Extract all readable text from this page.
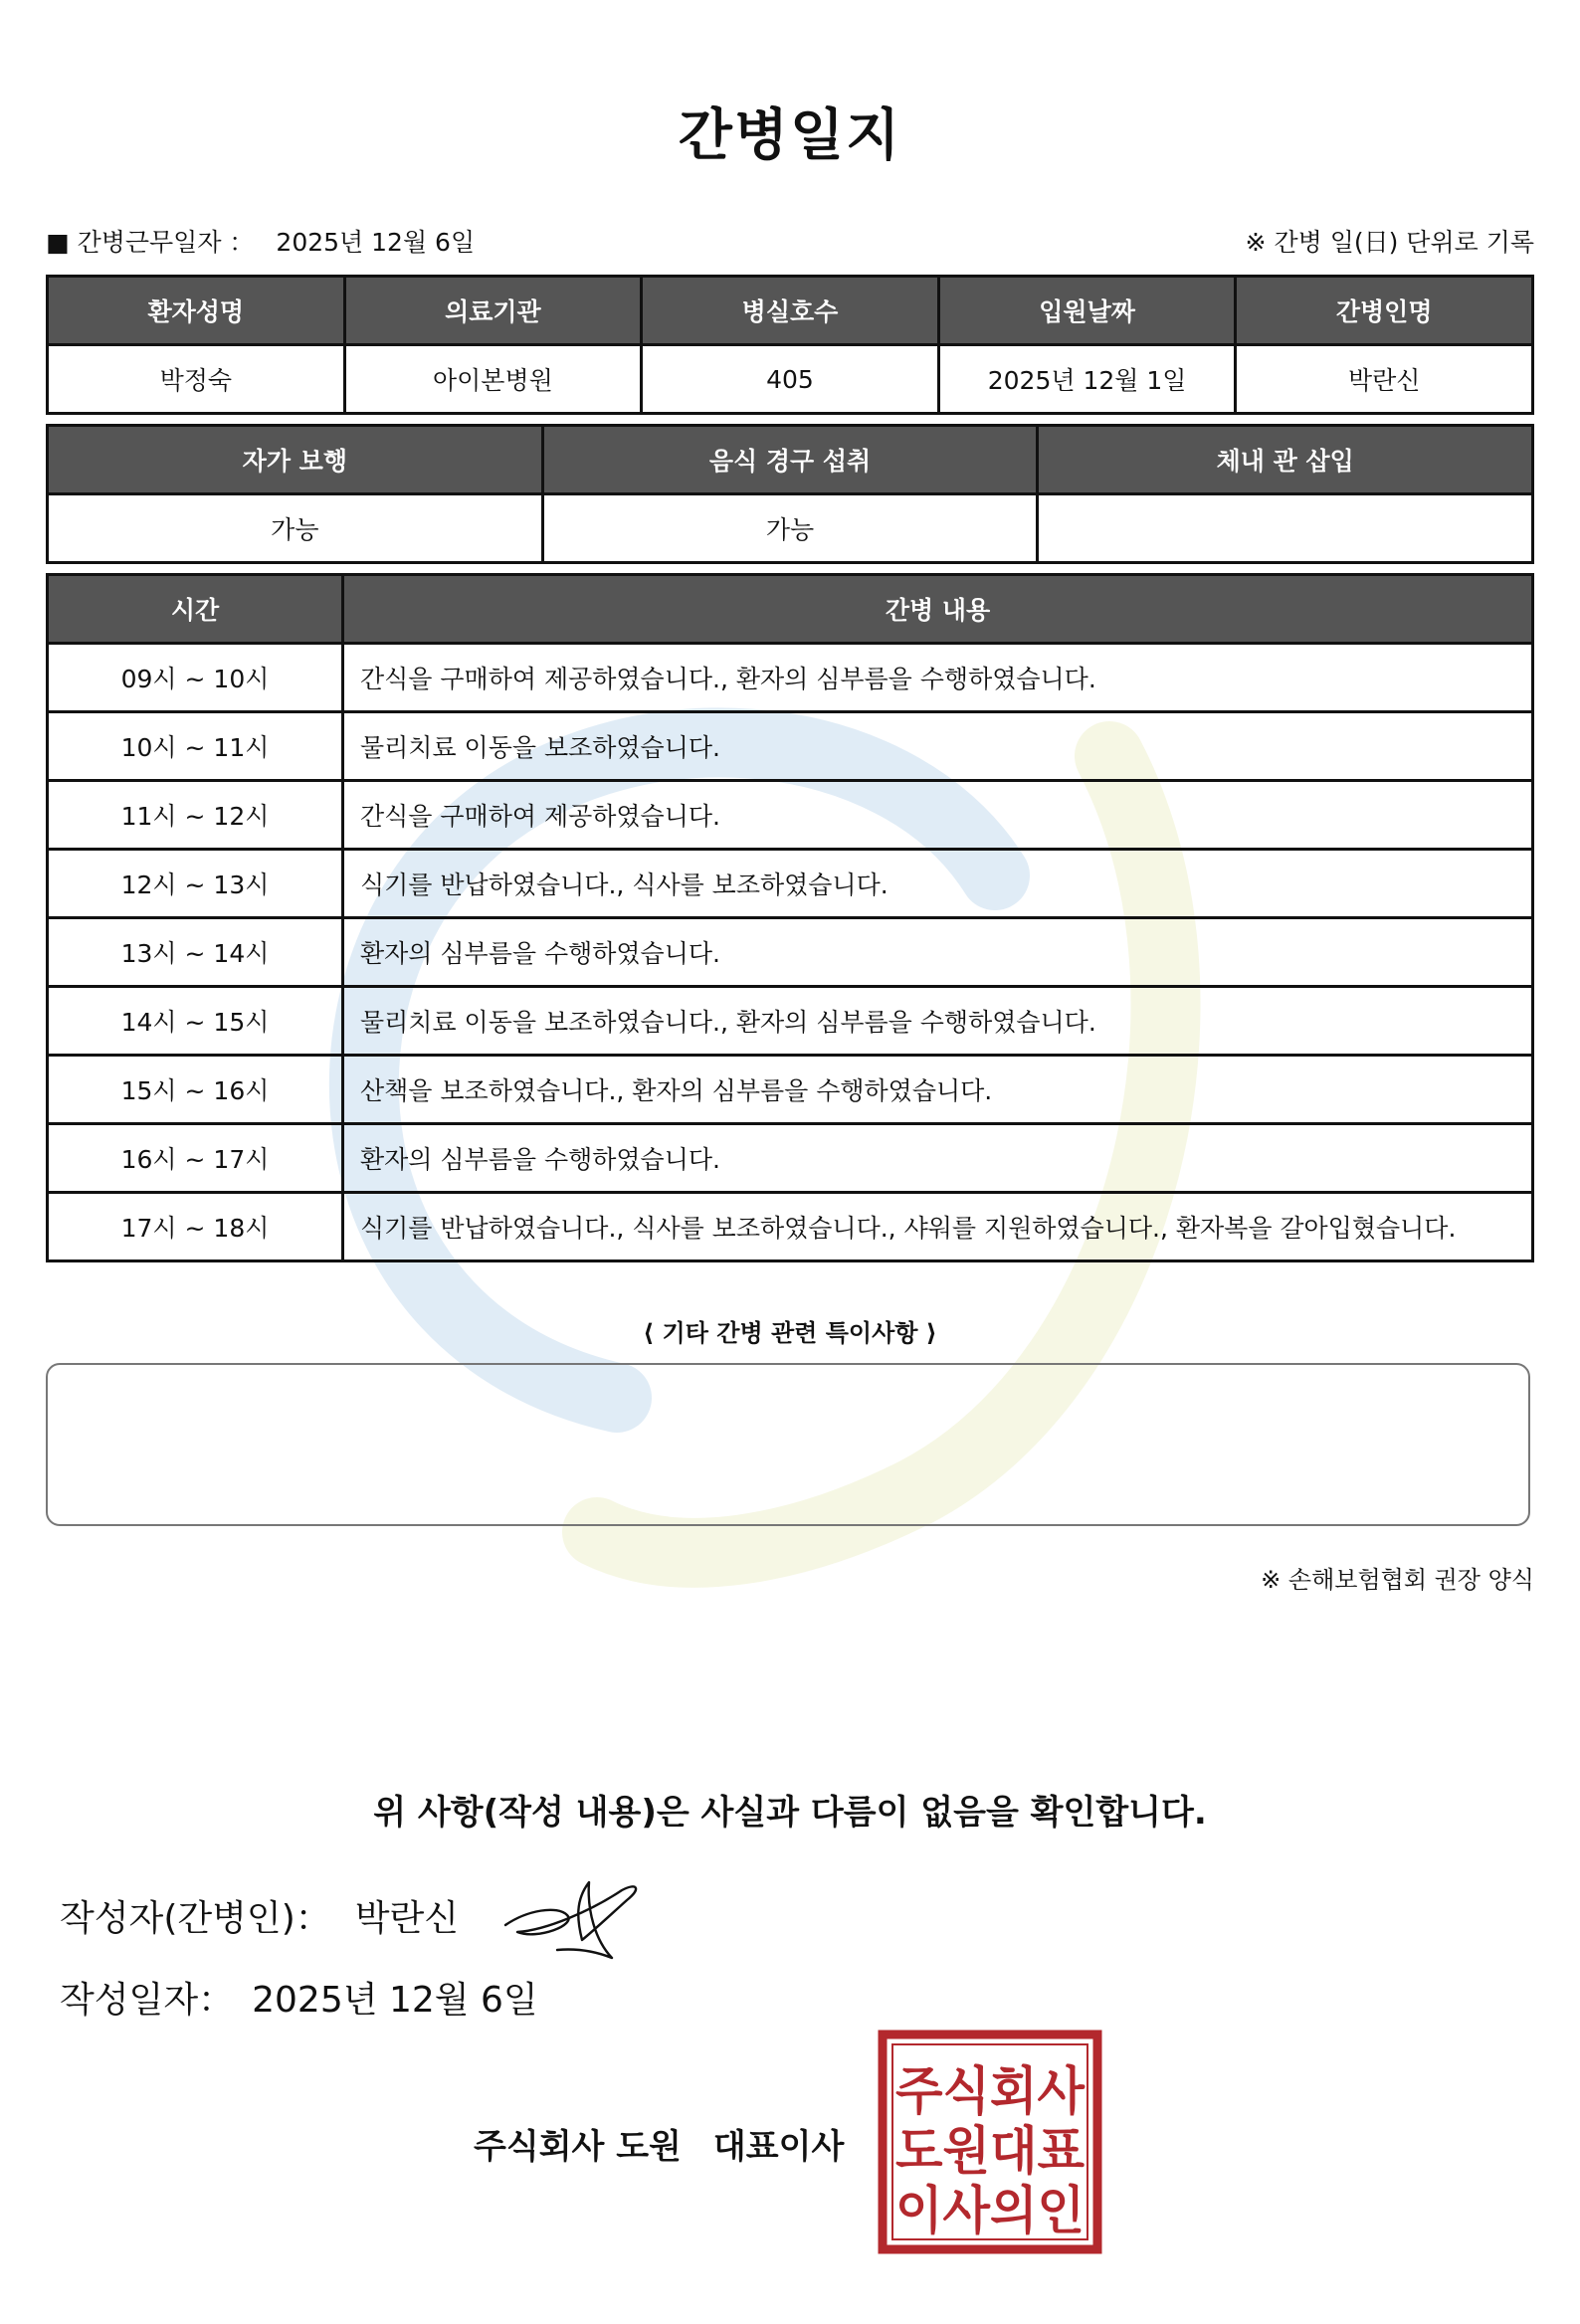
간병일지
■ 간병근무일자 ： 2025년 12월 6일	※ 간병 일(日) 단위로 기록
환자성명	의료기관	병실호수	입원날짜	간병인명
박정숙	아이본병원	405	2025년 12월 1일	박란신
자가 보행	음식 경구 섭취	체내 관 삽입
가능	가능	
시간	간병 내용
09시 ~ 10시	간식을 구매하여 제공하였습니다., 환자의 심부름을 수행하였습니다.
10시 ~ 11시	물리치료 이동을 보조하였습니다.
11시 ~ 12시	간식을 구매하여 제공하였습니다.
12시 ~ 13시	식기를 반납하였습니다., 식사를 보조하였습니다.
13시 ~ 14시	환자의 심부름을 수행하였습니다.
14시 ~ 15시	물리치료 이동을 보조하였습니다., 환자의 심부름을 수행하였습니다.
15시 ~ 16시	산책을 보조하였습니다., 환자의 심부름을 수행하였습니다.
16시 ~ 17시	환자의 심부름을 수행하였습니다.
17시 ~ 18시	식기를 반납하였습니다., 식사를 보조하였습니다., 샤워를 지원하였습니다., 환자복을 갈아입혔습니다.
⟨ 기타 간병 관련 특이사항 ⟩
※ 손해보험협회 권장 양식
위 사항(작성 내용)은 사실과 다름이 없음을 확인합니다.
작성자(간병인)： 박란신
작성일자： 2025년 12월 6일
주식회사 도원 대표이사
주식회사
도원대표
이사의인
